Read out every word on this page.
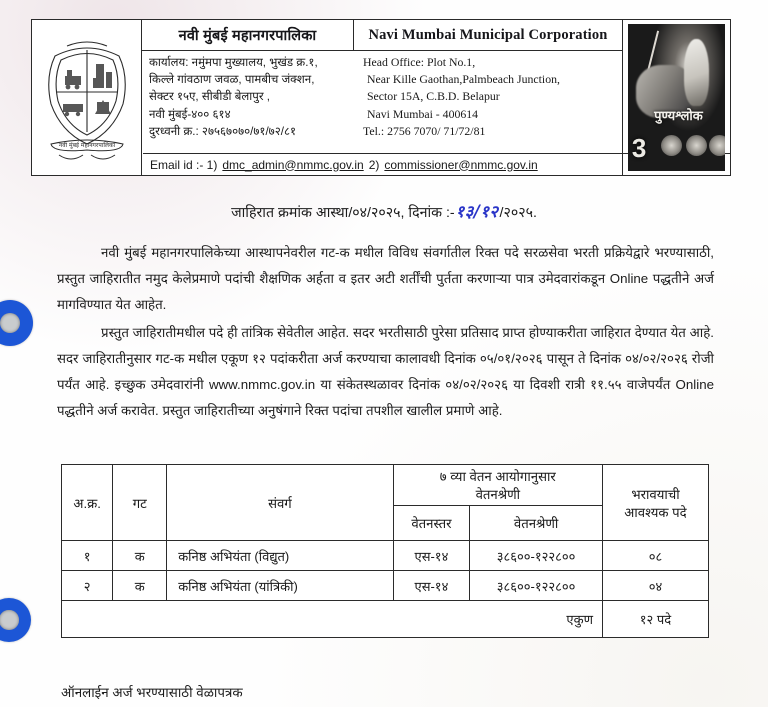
नवी मुंबई महानगरपालिका
नवी मुंबई महानगरपालिका	Navi Mumbai Municipal Corporation
कार्यालय: नमुंमपा मुख्यालय, भुखंड क्र.१,
किल्ले गांवठाण जवळ, पामबीच जंक्शन,
सेक्टर १५ए, सीबीडी बेलापुर ,
नवी मुंबई-४०० ६१४
दुरध्वनी क्र.: २७५६७०७०/७१/७२/८१
Head Office: Plot No.1,
Near Kille Gaothan,Palmbeach Junction,
Sector 15A, C.B.D. Belapur
Navi Mumbai - 400614
Tel.: 2756 7070/ 71/72/81
Email id :- 1) dmc_admin@nmmc.gov.in 2) commissioner@nmmc.gov.in
पुण्यश्लोक
3
जाहिरात क्रमांक आस्था/०४/२०२५, दिनांक :-१३/१२/२०२५.
नवी मुंबई महानगरपालिकेच्या आस्थापनेवरील गट-क मधील विविध संवर्गातील रिक्त पदे सरळसेवा भरती प्रक्रियेद्वारे भरण्यासाठी, प्रस्तुत जाहिरातीत नमुद केलेप्रमाणे पदांची शैक्षणिक अर्हता व इतर अटी शर्तींची पुर्तता करणाऱ्या पात्र उमेदवारांकडून Online पद्धतीने अर्ज मागविण्यात येत आहेत.
प्रस्तुत जाहिरातीमधील पदे ही तांत्रिक सेवेतील आहेत. सदर भरतीसाठी पुरेसा प्रतिसाद प्राप्त होण्याकरीता जाहिरात देण्यात येत आहे. सदर जाहिरातीनुसार गट-क मधील एकूण १२ पदांकरीता अर्ज करण्याचा कालावधी दिनांक ०५/०१/२०२६ पासून ते दिनांक ०४/०२/२०२६ रोजी पर्यंत आहे. इच्छुक उमेदवारांनी www.nmmc.gov.in या संकेतस्थळावर दिनांक ०४/०२/२०२६ या दिवशी रात्री ११.५५ वाजेपर्यंत Online पद्धतीने अर्ज करावेत. प्रस्तुत जाहिरातीच्या अनुषंगाने रिक्त पदांचा तपशील खालील प्रमाणे आहे.
अ.क्र.	गट	संवर्ग	
७ व्या वेतन आयोगानुसार
वेतनश्रेणी	भरावयाची
आवश्यक पदे

			वेतनस्तर	वेतनश्रेणी	
१	क	कनिष्ठ अभियंता (विद्युत)	एस-१४	३८६००-१२२८००	०८
२	क	कनिष्ठ अभियंता (यांत्रिकी)	एस-१४	३८६००-१२२८००	०४
एकुण					१२ पदे
ऑनलाईन अर्ज भरण्यासाठी वेळापत्रक
